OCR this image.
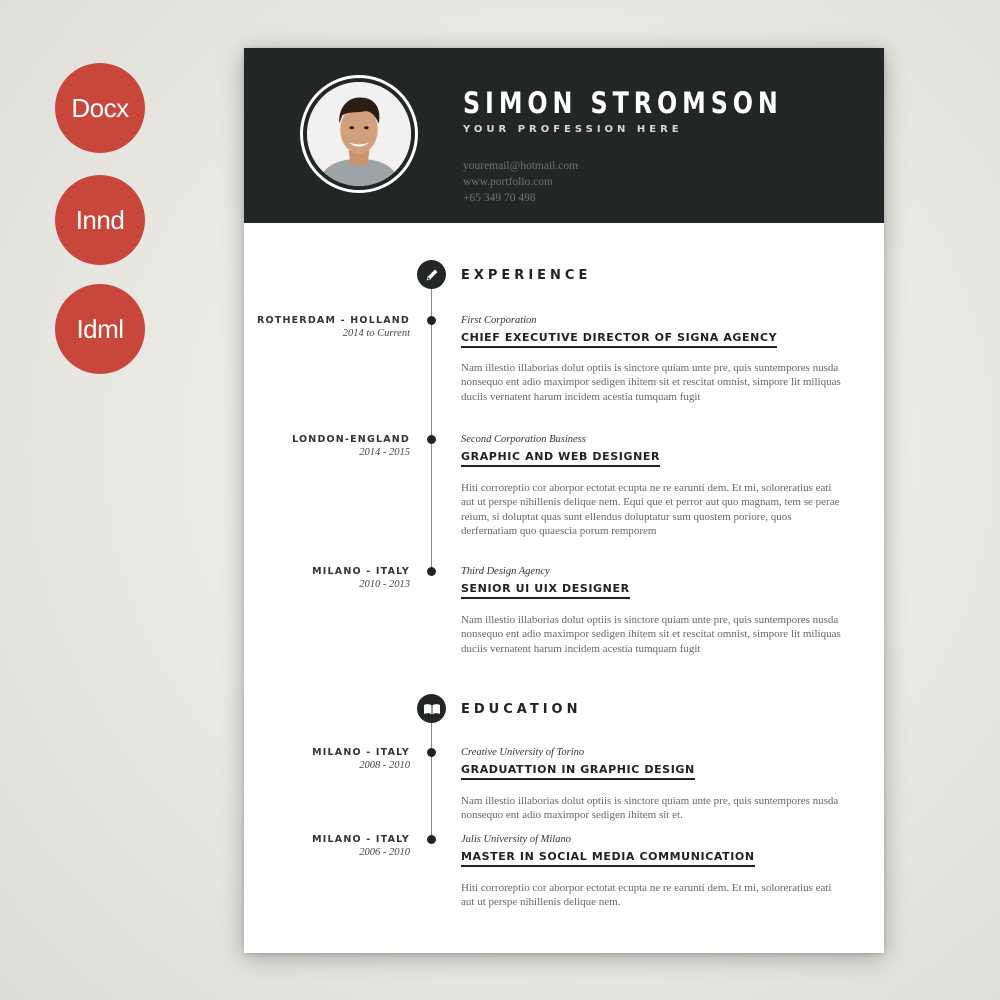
Docx
Innd
Idml
SIMON STROMSON
YOUR PROFESSION HERE
youremail@hotmail.com
www.portfolio.com
+65 349 70 498
EXPERIENCE
ROTHERDAM - HOLLAND
2014 to Current
First Corporation
CHIEF EXECUTIVE DIRECTOR OF SIGNA AGENCY
Nam illestio illaborias dolut optiis is sinctore quiam unte pre, quis suntempores nusda nonsequo ent adio maximpor sedigen ihitem sit et rescitat omnist, simpore lit miliquas duciis vernatent harum incidem acestia tumquam fugit
LONDON-ENGLAND
2014 - 2015
Second Corporation Business
GRAPHIC AND WEB DESIGNER
Hiti corroreptio cor aborpor ectotat ecupta ne re earunti dem. Et mi, soloreratius eati aut ut perspe nihillenis delique nem. Equi que et perror aut quo magnam, tem se perae reium, si doluptat quas sunt ellendus doluptatur sum quostem poriore, quos derfernatiam quo quaescia porum remporem
MILANO - ITALY
2010 - 2013
Third Design Agency
SENIOR UI UIX DESIGNER
Nam illestio illaborias dolut optiis is sinctore quiam unte pre, quis suntempores nusda nonsequo ent adio maximpor sedigen ihitem sit et rescitat omnist, simpore lit miliquas duciis vernatent harum incidem acestia tumquam fugit
EDUCATION
MILANO - ITALY
2008 - 2010
Creative University of Torino
GRADUATTION IN GRAPHIC DESIGN
Nam illestio illaborias dolut optiis is sinctore quiam unte pre, quis suntempores nusda nonsequo ent adio maximpor sedigen ihitem sit et.
MILANO - ITALY
2006 - 2010
Julis University of Milano
MASTER IN SOCIAL MEDIA COMMUNICATION
Hiti corroreptio cor aborpor ectotat ecupta ne re earunti dem. Et mi, soloreratius eati aut ut perspe nihillenis delique nem.
